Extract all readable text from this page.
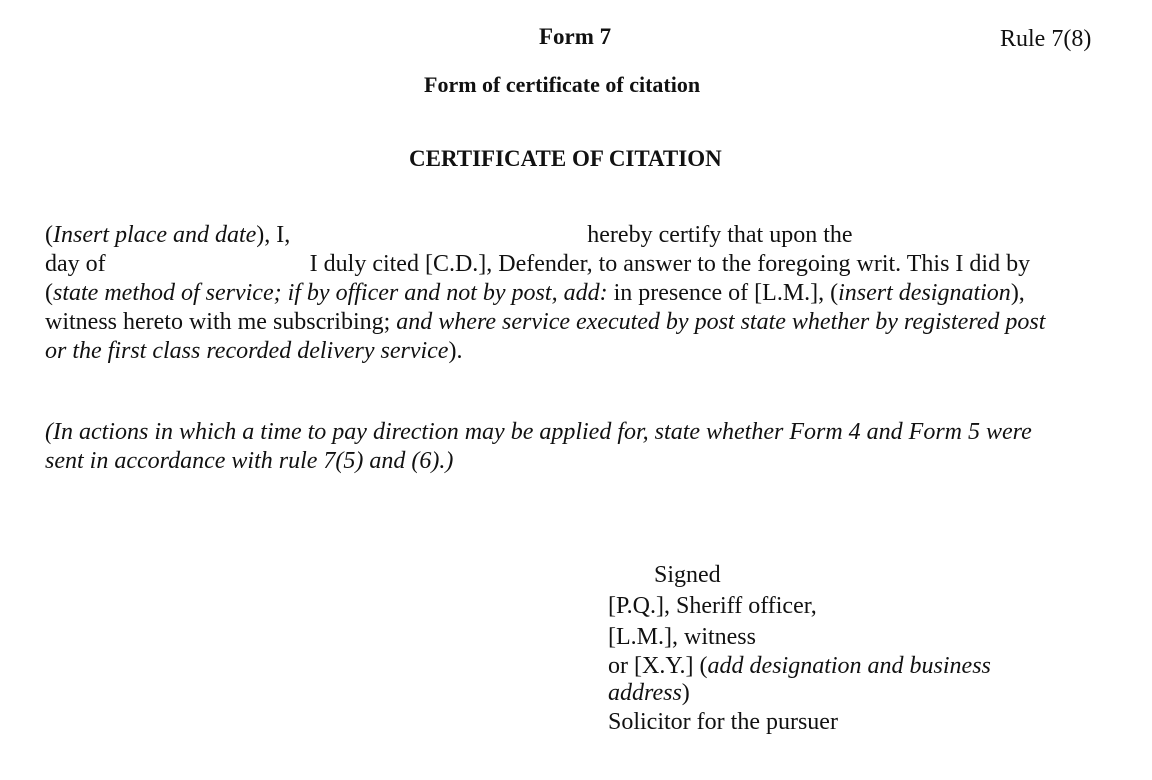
Form 7	Rule 7(8)
Form of certificate of citation
CERTIFICATE OF CITATION
(Insert place and date), I,	hereby certify that upon the
day of	I duly cited [C.D.], Defender, to answer to the foregoing writ. This I did by
(state method of service; if by officer and not by post, add: in presence of [L.M.], (insert designation),
witness hereto with me subscribing; and where service executed by post state whether by registered post
or the first class recorded delivery service).
(In actions in which a time to pay direction may be applied for, state whether Form 4 and Form 5 were
sent in accordance with rule 7(5) and (6).)
Signed
[P.Q.], Sheriff officer,
[L.M.], witness
or [X.Y.] (add designation and business
address)
Solicitor for the pursuer
